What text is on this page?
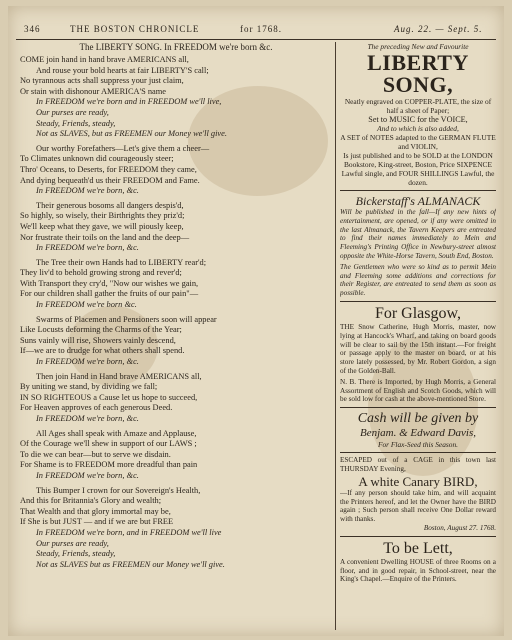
346	THE BOSTON CHRONICLE	for 1768.	Aug. 22. — Sept. 5.
The LIBERTY SONG. In FREEDOM we're born &c.
COME join hand in hand brave AMERICANS all,
And rouse your bold hearts at fair LIBERTY'S call;
No tyrannous acts shall suppress your just claim,
Or stain with dishonour AMERICA'S name
In FREEDOM we're born and in FREEDOM we'll live,
Our purses are ready,
Steady, Friends, steady,
Not as SLAVES, but as FREEMEN our Money we'll give.
Our worthy Forefathers—Let's give them a cheer—
To Climates unknown did courageously steer;
Thro' Oceans, to Deserts, for FREEDOM they came,
And dying bequeath'd us their FREEDOM and Fame.
In FREEDOM we're born, &c.
Their generous bosoms all dangers despis'd,
So highly, so wisely, their Birthrights they priz'd;
We'll keep what they gave, we will piously keep,
Nor frustrate their toils on the land and the deep—
In FREEDOM we're born, &c.
The Tree their own Hands had to LIBERTY rear'd;
They liv'd to behold growing strong and rever'd;
With Transport they cry'd, "Now our wishes we gain,
For our children shall gather the fruits of our pain"—
In FREEDOM we're born &c.
Swarms of Placemen and Pensioners soon will appear
Like Locusts deforming the Charms of the Year;
Suns vainly will rise, Showers vainly descend,
If—we are to drudge for what others shall spend.
In FREEDOM we're born, &c.
Then join Hand in Hand brave AMERICANS all,
By uniting we stand, by dividing we fall;
IN SO RIGHTEOUS a Cause let us hope to succeed,
For Heaven approves of each generous Deed.
In FREEDOM we're born, &c.
All Ages shall speak with Amaze and Applause,
Of the Courage we'll shew in support of our LAWS ;
To die we can bear—but to serve we disdain.
For Shame is to FREEDOM more dreadful than pain
In FREEDOM we're born, &c.
This Bumper I crown for our Sovereign's Health,
And this for Britannia's Glory and wealth;
That Wealth and that glory immortal may be,
If She is but JUST — and if we are but FREE
In FREEDOM we're born, and in FREEDOM we'll live
Our purses are ready,
Steady, Friends, steady,
Not as SLAVES but as FREEMEN our Money we'll give.
The preceding New and Favourite
LIBERTY SONG,
Neatly engraved on COPPER-PLATE, the size of half a sheet of Paper;
Set to MUSIC for the VOICE,
And to which is also added,
A SET of NOTES adapted to the GERMAN FLUTE and VIOLIN,
Is just published and to be SOLD at the LONDON Bookstore, King-street, Boston, Price SIXPENCE Lawful single, and FOUR SHILLINGS Lawful, the dozen.
Bickerstaff's ALMANACK
Will be published in the fall—If any new hints of entertainment, are opened, or if any were omitted in the last Almanack, the Tavern Keepers are entreated to find their names immediately to Mein and Fleeming's Printing Office in Newbury-street almost opposite the White-Horse Tavern, South End, Boston.
The Gentlemen who were so kind as to permit Mein and Fleeming some additions and corrections for their Register, are entreated to send them as soon as possible.
For Glasgow,
THE Snow Catherine, Hugh Morris, master, now lying at Hancock's Wharf, and taking on board goods will be clear to sail by the 15th instant.—For freight or passage apply to the master on board, or at his store lately possessed, by Mr. Robert Gordon, a sign of the Golden-Ball.
N. B. There is Imported, by Hugh Morris, a General Assortment of English and Scotch Goods, which will be sold low for cash at the above-mentioned Store.
Cash will be given by
Benjam. & Edward Davis,
For Flax-Seed this Season.
ESCAPED out of a CAGE in this town last THURSDAY Evening,
A white Canary BIRD,
—If any person should take him, and will acquaint the Printers hereof, and let the Owner have the BIRD again ; Such person shall receive One Dollar reward with thanks.
Boston, August 27. 1768.
To be Lett,
A convenient Dwelling HOUSE of three Rooms on a floor, and in good repair, in School-street, near the King's Chapel.—Enquire of the Printers.
